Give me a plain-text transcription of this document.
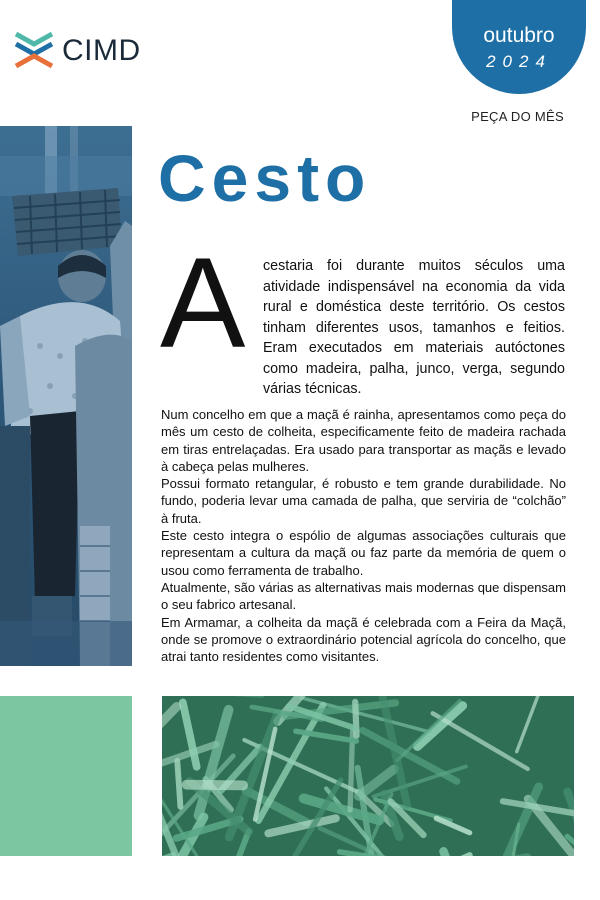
CIMD	outubro
2024
PEÇA DO MÊS
Cesto
A cestaria foi durante muitos séculos uma atividade indispensável na economia da vida rural e doméstica deste território. Os cestos tinham diferentes usos, tamanhos e feitios. Eram executados em materiais autóctones como madeira, palha, junco, verga, segundo várias técnicas.

Num concelho em que a maçã é rainha, apresentamos como peça do mês um cesto de colheita, especificamente feito de madeira rachada em tiras entrelaçadas. Era usado para transportar as maçãs e levado à cabeça pelas mulheres.

Possui formato retangular, é robusto e tem grande durabilidade. No fundo, poderia levar uma camada de palha, que serviria de “colchão” à fruta.

Este cesto integra o espólio de algumas associações culturais que representam a cultura da maçã ou faz parte da memória de quem o usou como ferramenta de trabalho.

Atualmente, são várias as alternativas mais modernas que dispensam o seu fabrico artesanal.

Em Armamar, a colheita da maçã é celebrada com a Feira da Maçã, onde se promove o extraordinário potencial agrícola do concelho, que atrai tanto residentes como visitantes.
